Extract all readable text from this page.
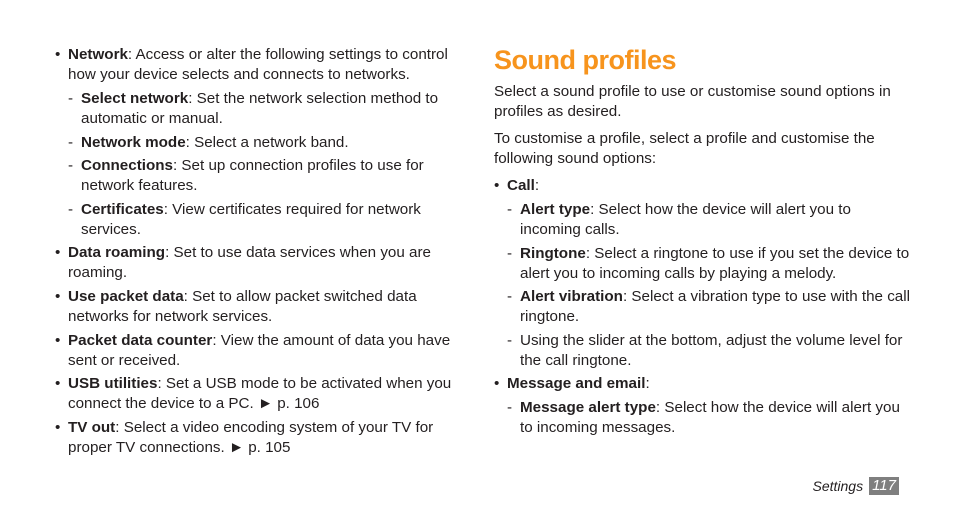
• Network: Access or alter the following settings to control how your device selects and connects to networks.
- Select network: Set the network selection method to automatic or manual.
- Network mode: Select a network band.
- Connections: Set up connection profiles to use for network features.
- Certificates: View certificates required for network services.
• Data roaming: Set to use data services when you are roaming.
• Use packet data: Set to allow packet switched data networks for network services.
• Packet data counter: View the amount of data you have sent or received.
• USB utilities: Set a USB mode to be activated when you connect the device to a PC. ► p. 106
• TV out: Select a video encoding system of your TV for proper TV connections. ► p. 105
Sound profiles

Select a sound profile to use or customise sound options in profiles as desired.

To customise a profile, select a profile and customise the following sound options:

• Call:
- Alert type: Select how the device will alert you to incoming calls.
- Ringtone: Select a ringtone to use if you set the device to alert you to incoming calls by playing a melody.
- Alert vibration: Select a vibration type to use with the call ringtone.
- Using the slider at the bottom, adjust the volume level for the call ringtone.
• Message and email:
- Message alert type: Select how the device will alert you to incoming messages.
Settings 117
